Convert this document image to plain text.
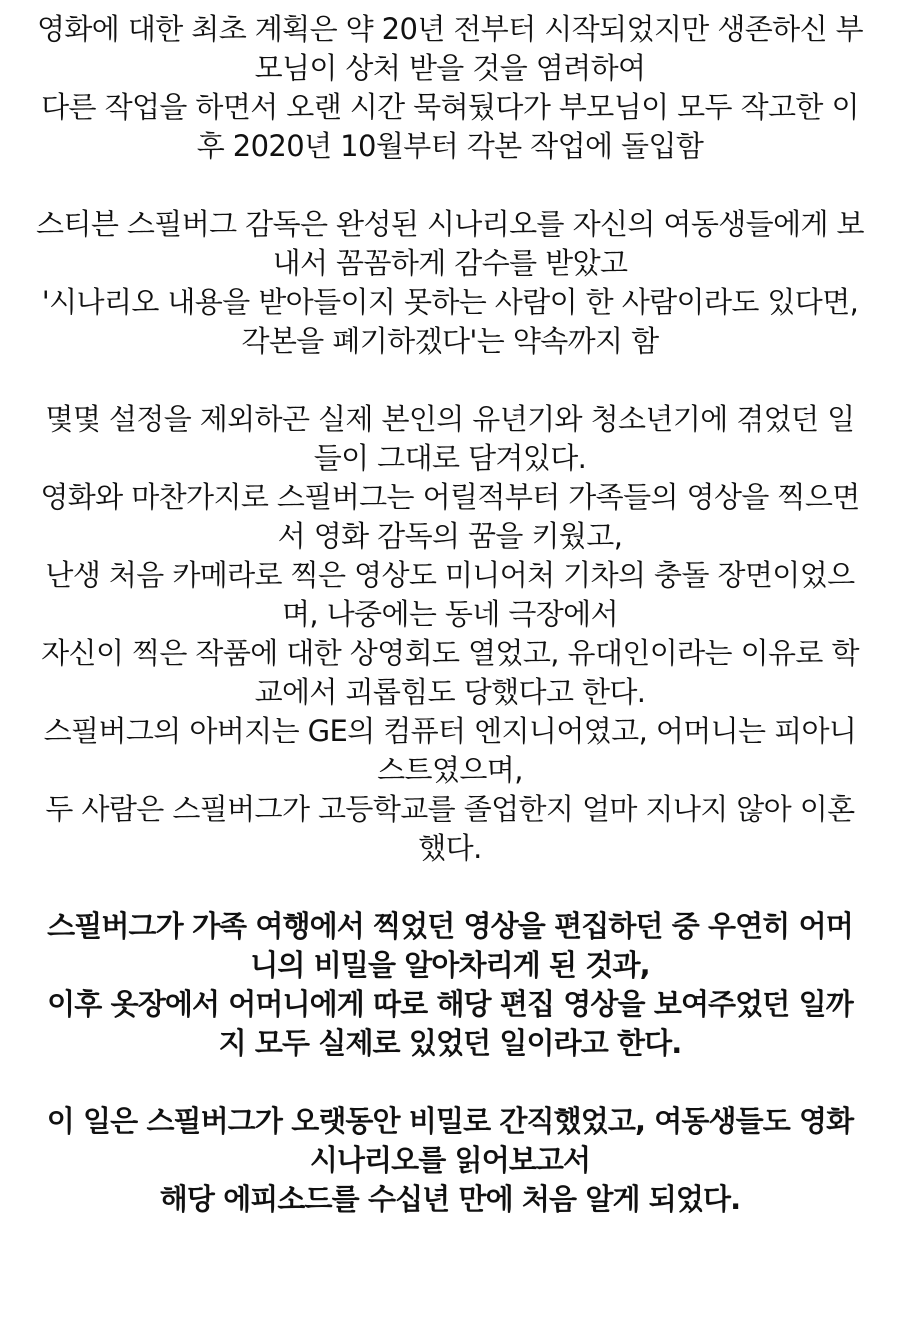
영화에 대한 최초 계획은 약 20년 전부터 시작되었지만 생존하신 부
모님이 상처 받을 것을 염려하여
다른 작업을 하면서 오랜 시간 묵혀뒀다가 부모님이 모두 작고한 이
후 2020년 10월부터 각본 작업에 돌입함
스티븐 스필버그 감독은 완성된 시나리오를 자신의 여동생들에게 보
내서 꼼꼼하게 감수를 받았고
'시나리오 내용을 받아들이지 못하는 사람이 한 사람이라도 있다면,
각본을 폐기하겠다'는 약속까지 함
몇몇 설정을 제외하곤 실제 본인의 유년기와 청소년기에 겪었던 일
들이 그대로 담겨있다.
영화와 마찬가지로 스필버그는 어릴적부터 가족들의 영상을 찍으면
서 영화 감독의 꿈을 키웠고,
난생 처음 카메라로 찍은 영상도 미니어처 기차의 충돌 장면이었으
며, 나중에는 동네 극장에서
자신이 찍은 작품에 대한 상영회도 열었고, 유대인이라는 이유로 학
교에서 괴롭힘도 당했다고 한다.
스필버그의 아버지는 GE의 컴퓨터 엔지니어였고, 어머니는 피아니
스트였으며,
두 사람은 스필버그가 고등학교를 졸업한지 얼마 지나지 않아 이혼
했다.
스필버그가 가족 여행에서 찍었던 영상을 편집하던 중 우연히 어머
니의 비밀을 알아차리게 된 것과,
이후 옷장에서 어머니에게 따로 해당 편집 영상을 보여주었던 일까
지 모두 실제로 있었던 일이라고 한다.
이 일은 스필버그가 오랫동안 비밀로 간직했었고, 여동생들도 영화
시나리오를 읽어보고서
해당 에피소드를 수십년 만에 처음 알게 되었다.
